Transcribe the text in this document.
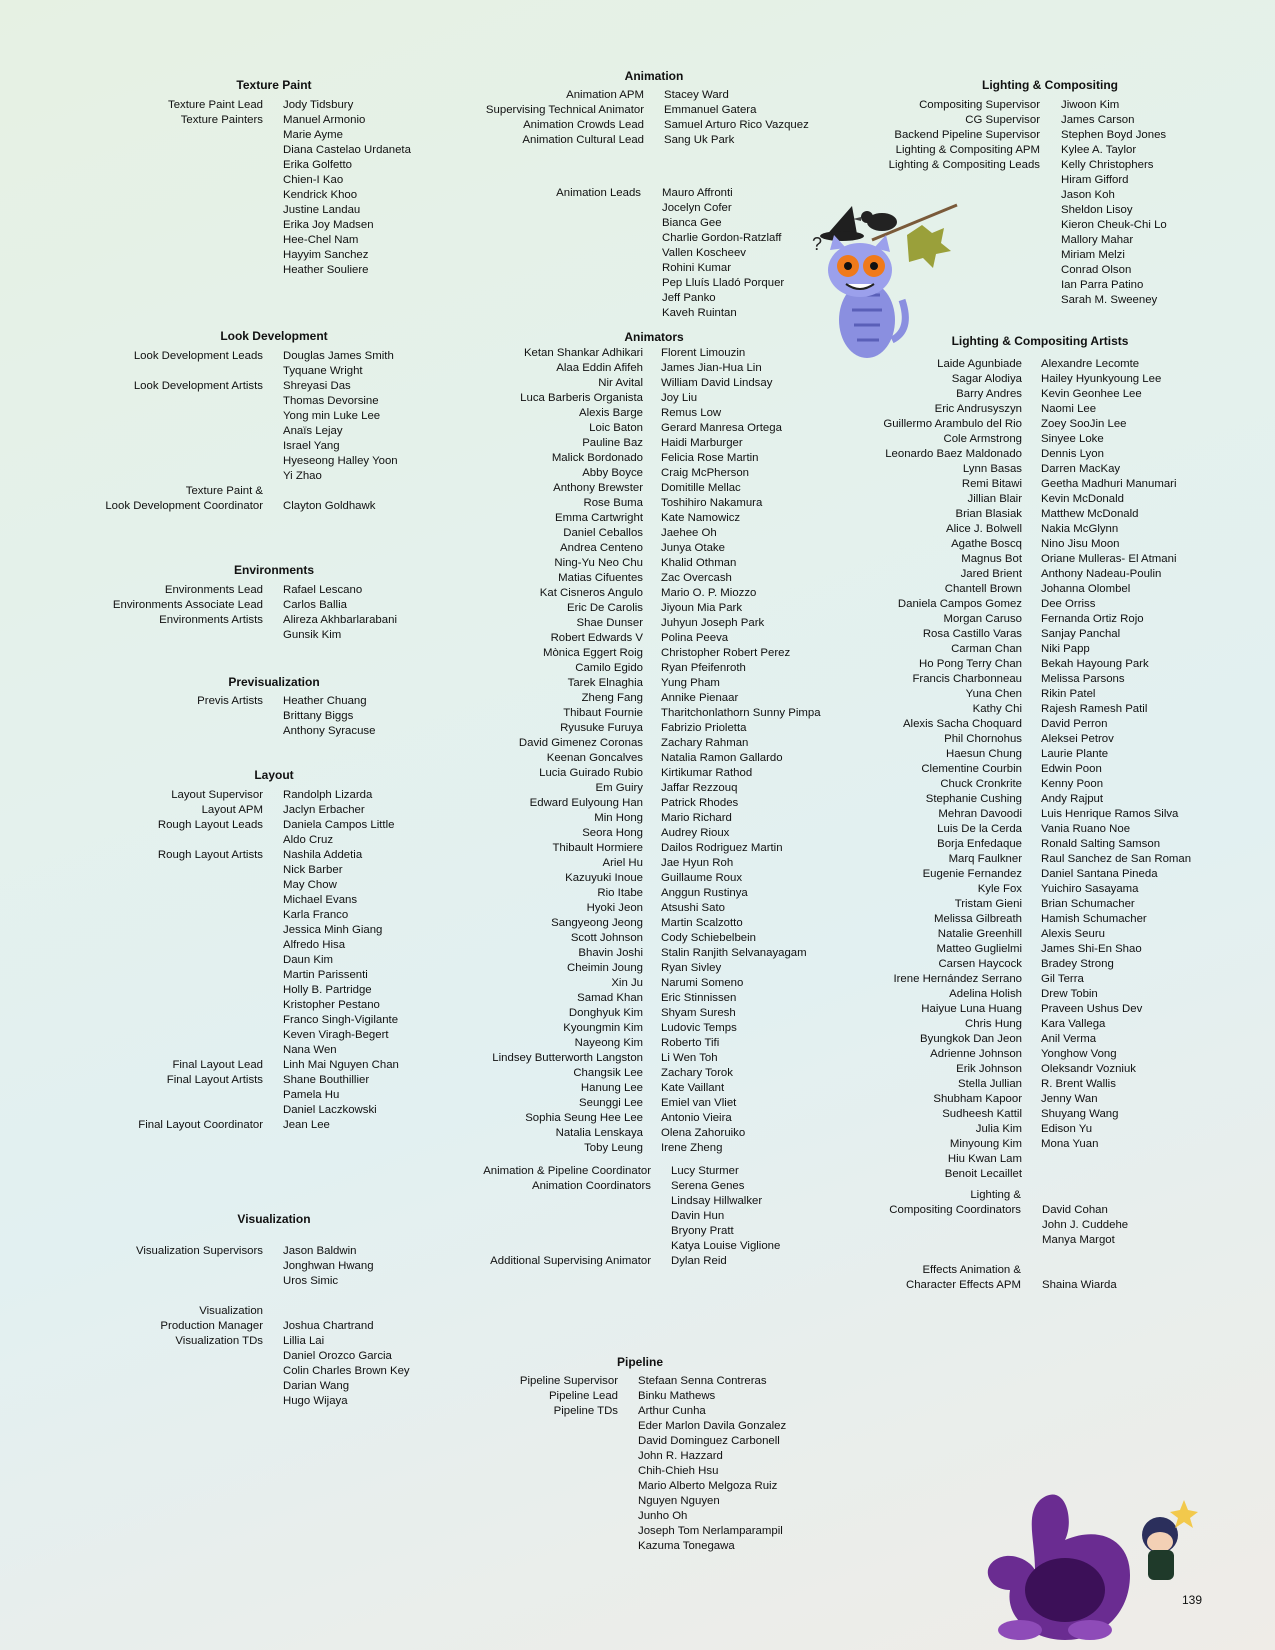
?
139
Texture Paint
Texture Paint Lead Jody Tidsbury
Texture Painters Manuel Armonio
Marie Ayme
Diana Castelao Urdaneta
Erika Golfetto
Chien-I Kao
Kendrick Khoo
Justine Landau
Erika Joy Madsen
Hee-Chel Nam
Hayyim Sanchez
Heather Souliere
Look Development
Look Development Leads Douglas James Smith
Tyquane Wright
Look Development Artists Shreyasi Das
Thomas Devorsine
Yong min Luke Lee
Anaïs Lejay
Israel Yang
Hyeseong Halley Yoon
Yi Zhao
Texture Paint &
Look Development Coordinator Clayton Goldhawk
Environments
Environments Lead Rafael Lescano
Environments Associate Lead Carlos Ballia
Environments Artists Alireza Akhbarlarabani
Gunsik Kim
Previsualization
Previs Artists Heather Chuang
Brittany Biggs
Anthony Syracuse
Layout
Layout Supervisor Randolph Lizarda
Layout APM Jaclyn Erbacher
Rough Layout Leads Daniela Campos Little
Aldo Cruz
Rough Layout Artists Nashila Addetia
Nick Barber
May Chow
Michael Evans
Karla Franco
Jessica Minh Giang
Alfredo Hisa
Daun Kim
Martin Parissenti
Holly B. Partridge
Kristopher Pestano
Franco Singh-Vigilante
Keven Viragh-Begert
Nana Wen
Final Layout Lead Linh Mai Nguyen Chan
Final Layout Artists Shane Bouthillier
Pamela Hu
Daniel Laczkowski
Final Layout Coordinator Jean Lee
Visualization
Visualization Supervisors Jason Baldwin
Jonghwan Hwang
Uros Simic
Visualization
Production Manager Joshua Chartrand
Visualization TDs Lillia Lai
Daniel Orozco Garcia
Colin Charles Brown Key
Darian Wang
Hugo Wijaya
Animation
Animation APM Stacey Ward
Supervising Technical Animator Emmanuel Gatera
Animation Crowds Lead Samuel Arturo Rico Vazquez
Animation Cultural Lead Sang Uk Park
Animation Leads Mauro Affronti
Jocelyn Cofer
Bianca Gee
Charlie Gordon-Ratzlaff
Vallen Koscheev
Rohini Kumar
Pep Lluís Lladó Porquer
Jeff Panko
Kaveh Ruintan
Animators
Ketan Shankar Adhikari
Alaa Eddin Afifeh
Nir Avital
Luca Barberis Organista
Alexis Barge
Loic Baton
Pauline Baz
Malick Bordonado
Abby Boyce
Anthony Brewster
Rose Buma
Emma Cartwright
Daniel Ceballos
Andrea Centeno
Ning-Yu Neo Chu
Matias Cifuentes
Kat Cisneros Angulo
Eric De Carolis
Shae Dunser
Robert Edwards V
Mònica Eggert Roig
Camilo Egido
Tarek Elnaghia
Zheng Fang
Thibaut Fournie
Ryusuke Furuya
David Gimenez Coronas
Keenan Goncalves
Lucia Guirado Rubio
Em Guiry
Edward Eulyoung Han
Min Hong
Seora Hong
Thibault Hormiere
Ariel Hu
Kazuyuki Inoue
Rio Itabe
Hyoki Jeon
Sangyeong Jeong
Scott Johnson
Bhavin Joshi
Cheimin Joung
Xin Ju
Samad Khan
Donghyuk Kim
Kyoungmin Kim
Nayeong Kim
Lindsey Butterworth Langston
Changsik Lee
Hanung Lee
Seunggi Lee
Sophia Seung Hee Lee
Natalia Lenskaya
Toby Leung
Florent Limouzin
James Jian-Hua Lin
William David Lindsay
Joy Liu
Remus Low
Gerard Manresa Ortega
Haidi Marburger
Felicia Rose Martin
Craig McPherson
Domitille Mellac
Toshihiro Nakamura
Kate Namowicz
Jaehee Oh
Junya Otake
Khalid Othman
Zac Overcash
Mario O. P. Miozzo
Jiyoun Mia Park
Juhyun Joseph Park
Polina Peeva
Christopher Robert Perez
Ryan Pfeifenroth
Yung Pham
Annike Pienaar
Tharitchonlathorn Sunny Pimpa
Fabrizio Prioletta
Zachary Rahman
Natalia Ramon Gallardo
Kirtikumar Rathod
Jaffar Rezzouq
Patrick Rhodes
Mario Richard
Audrey Rioux
Dailos Rodriguez Martin
Jae Hyun Roh
Guillaume Roux
Anggun Rustinya
Atsushi Sato
Martin Scalzotto
Cody Schiebelbein
Stalin Ranjith Selvanayagam
Ryan Sivley
Narumi Someno
Eric Stinnissen
Shyam Suresh
Ludovic Temps
Roberto Tifi
Li Wen Toh
Zachary Torok
Kate Vaillant
Emiel van Vliet
Antonio Vieira
Olena Zahoruiko
Irene Zheng
Animation & Pipeline Coordinator Lucy Sturmer
Animation Coordinators Serena Genes
Lindsay Hillwalker
Davin Hun
Bryony Pratt
Katya Louise Viglione
Additional Supervising Animator Dylan Reid
Pipeline
Pipeline Supervisor Stefaan Senna Contreras
Pipeline Lead Binku Mathews
Pipeline TDs Arthur Cunha
Eder Marlon Davila Gonzalez
David Dominguez Carbonell
John R. Hazzard
Chih-Chieh Hsu
Mario Alberto Melgoza Ruiz
Nguyen Nguyen
Junho Oh
Joseph Tom Nerlamparampil
Kazuma Tonegawa
Lighting & Compositing
Compositing Supervisor Jiwoon Kim
CG Supervisor James Carson
Backend Pipeline Supervisor Stephen Boyd Jones
Lighting & Compositing APM Kylee A. Taylor
Lighting & Compositing Leads Kelly Christophers
Hiram Gifford
Jason Koh
Sheldon Lisoy
Kieron Cheuk-Chi Lo
Mallory Mahar
Miriam Melzi
Conrad Olson
Ian Parra Patino
Sarah M. Sweeney
Lighting & Compositing Artists
Laide Agunbiade
Sagar Alodiya
Barry Andres
Eric Andrusyszyn
Guillermo Arambulo del Rio
Cole Armstrong
Leonardo Baez Maldonado
Lynn Basas
Remi Bitawi
Jillian Blair
Brian Blasiak
Alice J. Bolwell
Agathe Boscq
Magnus Bot
Jared Brient
Chantell Brown
Daniela Campos Gomez
Morgan Caruso
Rosa Castillo Varas
Carman Chan
Ho Pong Terry Chan
Francis Charbonneau
Yuna Chen
Kathy Chi
Alexis Sacha Choquard
Phil Chornohus
Haesun Chung
Clementine Courbin
Chuck Cronkrite
Stephanie Cushing
Mehran Davoodi
Luis De la Cerda
Borja Enfedaque
Marq Faulkner
Eugenie Fernandez
Kyle Fox
Tristam Gieni
Melissa Gilbreath
Natalie Greenhill
Matteo Guglielmi
Carsen Haycock
Irene Hernández Serrano
Adelina Holish
Haiyue Luna Huang
Chris Hung
Byungkok Dan Jeon
Adrienne Johnson
Erik Johnson
Stella Jullian
Shubham Kapoor
Sudheesh Kattil
Julia Kim
Minyoung Kim
Hiu Kwan Lam
Benoit Lecaillet
Alexandre Lecomte
Hailey Hyunkyoung Lee
Kevin Geonhee Lee
Naomi Lee
Zoey SooJin Lee
Sinyee Loke
Dennis Lyon
Darren MacKay
Geetha Madhuri Manumari
Kevin McDonald
Matthew McDonald
Nakia McGlynn
Nino Jisu Moon
Oriane Mulleras- El Atmani
Anthony Nadeau-Poulin
Johanna Olombel
Dee Orriss
Fernanda Ortiz Rojo
Sanjay Panchal
Niki Papp
Bekah Hayoung Park
Melissa Parsons
Rikin Patel
Rajesh Ramesh Patil
David Perron
Aleksei Petrov
Laurie Plante
Edwin Poon
Kenny Poon
Andy Rajput
Luis Henrique Ramos Silva
Vania Ruano Noe
Ronald Salting Samson
Raul Sanchez de San Roman
Daniel Santana Pineda
Yuichiro Sasayama
Brian Schumacher
Hamish Schumacher
Alexis Seuru
James Shi-En Shao
Bradey Strong
Gil Terra
Drew Tobin
Praveen Ushus Dev
Kara Vallega
Anil Verma
Yonghow Vong
Oleksandr Vozniuk
R. Brent Wallis
Jenny Wan
Shuyang Wang
Edison Yu
Mona Yuan
Lighting &
Compositing Coordinators David Cohan
John J. Cuddehe
Manya Margot
Effects Animation &
Character Effects APM Shaina Wiarda
